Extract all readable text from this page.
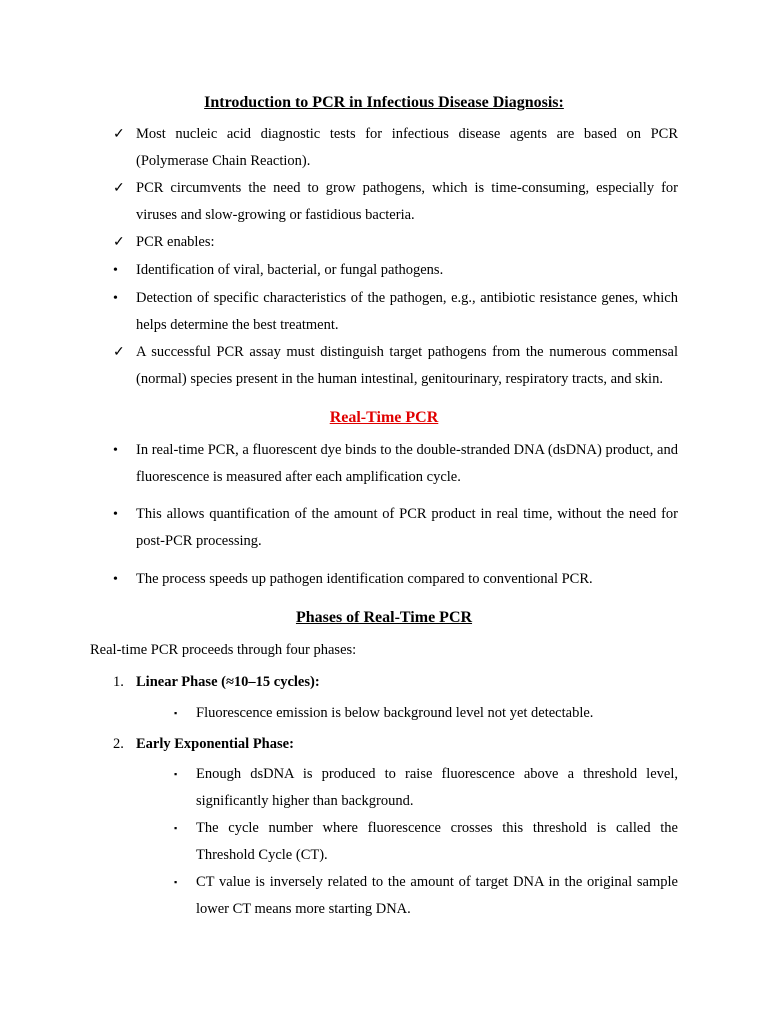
Introduction to PCR in Infectious Disease Diagnosis:
✓ Most nucleic acid diagnostic tests for infectious disease agents are based on PCR (Polymerase Chain Reaction).
✓ PCR circumvents the need to grow pathogens, which is time-consuming, especially for viruses and slow-growing or fastidious bacteria.
✓ PCR enables:
• Identification of viral, bacterial, or fungal pathogens.
• Detection of specific characteristics of the pathogen, e.g., antibiotic resistance genes, which helps determine the best treatment.
✓ A successful PCR assay must distinguish target pathogens from the numerous commensal (normal) species present in the human intestinal, genitourinary, respiratory tracts, and skin.
Real-Time PCR
• In real-time PCR, a fluorescent dye binds to the double-stranded DNA (dsDNA) product, and fluorescence is measured after each amplification cycle.
• This allows quantification of the amount of PCR product in real time, without the need for post-PCR processing.
• The process speeds up pathogen identification compared to conventional PCR.
Phases of Real-Time PCR
Real-time PCR proceeds through four phases:
1. Linear Phase (≈10–15 cycles):
▪ Fluorescence emission is below background level not yet detectable.
2. Early Exponential Phase:
▪ Enough dsDNA is produced to raise fluorescence above a threshold level, significantly higher than background.
▪ The cycle number where fluorescence crosses this threshold is called the Threshold Cycle (CT).
▪ CT value is inversely related to the amount of target DNA in the original sample lower CT means more starting DNA.
